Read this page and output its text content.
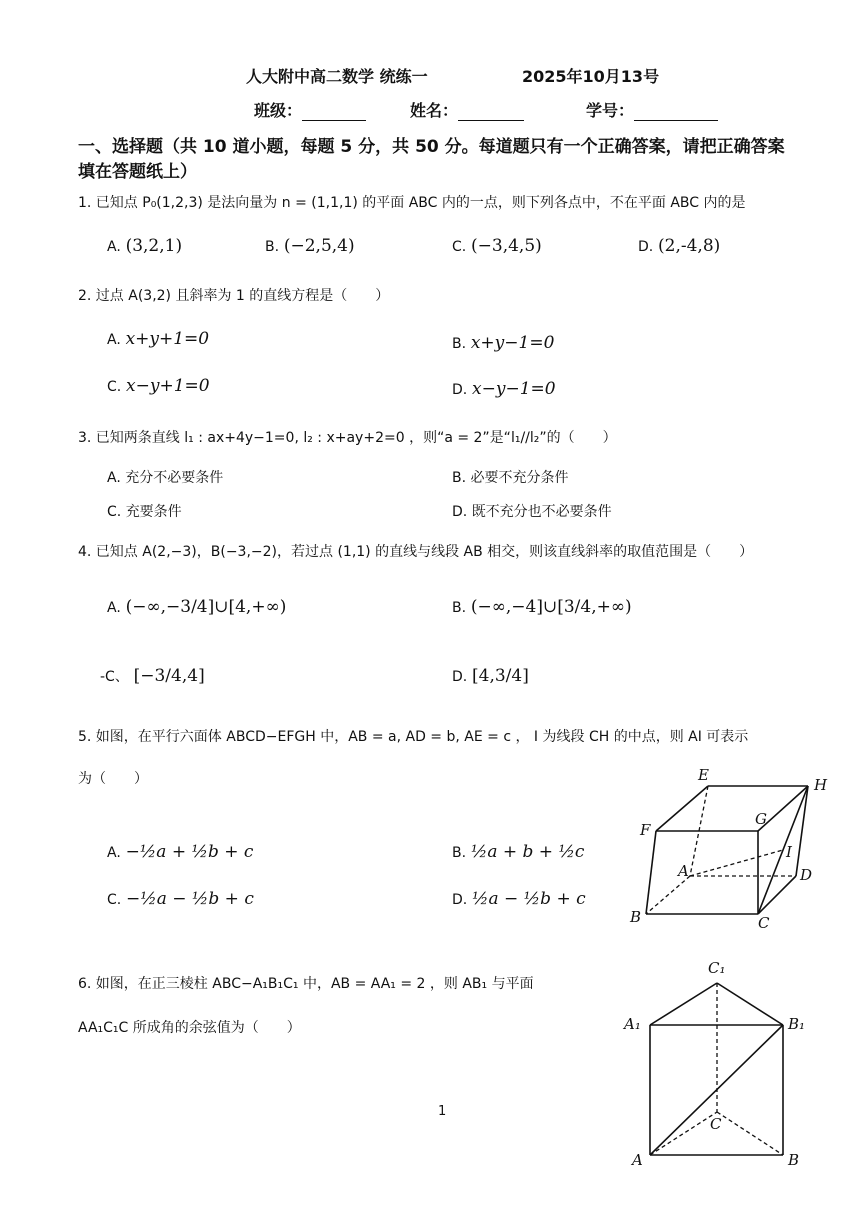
人大附中高二数学 统练一	2025年10月13号
班级：	姓名：	学号：
一、选择题（共 10 道小题，每题 5 分，共 50 分。每道题只有一个正确答案，请把正确答案
填在答题纸上）
1. 已知点 P₀(1,2,3) 是法向量为 n = (1,1,1) 的平面 ABC 内的一点，则下列各点中，不在平面 ABC 内的是
A. (3,2,1)	B. (−2,5,4)	C. (−3,4,5)	D. (2,‑4,8)
2. 过点 A(3,2) 且斜率为 1 的直线方程是（　　）
A. x+y+1=0	B. x+y−1=0
C. x−y+1=0	D. x−y−1=0
3. 已知两条直线 l₁ : ax+4y−1=0, l₂ : x+ay+2=0 ，则“a = 2”是“l₁//l₂”的（　　）
A. 充分不必要条件	B. 必要不充分条件
C. 充要条件	D. 既不充分也不必要条件
4. 已知点 A(2,−3)，B(−3,−2)，若过点 (1,1) 的直线与线段 AB 相交，则该直线斜率的取值范围是（　　）
A. (−∞,−3/4]∪[4,+∞)	B. (−∞,−4]∪[3/4,+∞)
-C、 [−3/4,4]	D. [4,3/4]
5. 如图，在平行六面体 ABCD−EFGH 中，AB = a, AD = b, AE = c ， I 为线段 CH 的中点，则 AI 可表示
为（　　）
A. −½a + ½b + c	B. ½a + b + ½c
C. −½a − ½b + c	D. ½a − ½b + c
E
H
F
G
A
I
D
B	C
6. 如图，在正三棱柱 ABC−A₁B₁C₁ 中，AB = AA₁ = 2 ，则 AB₁ 与平面
AA₁C₁C 所成角的余弦值为（　　）
C₁
A₁	B₁
C
A	B
1
